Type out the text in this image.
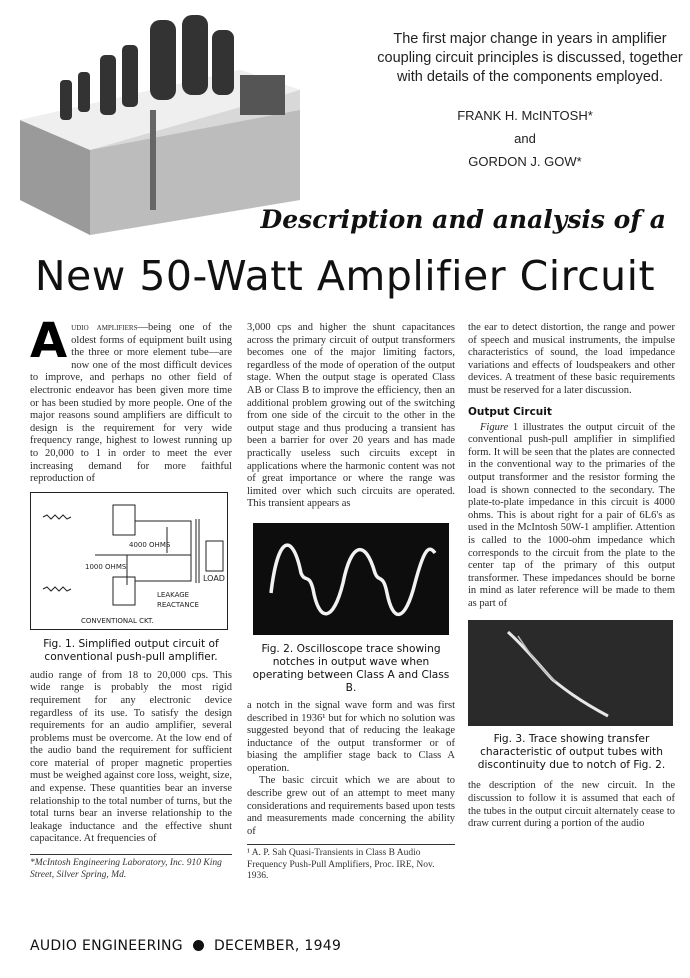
The first major change in years in amplifier coupling circuit principles is discussed, together with details of the components employed.
FRANK H. McINTOSH*
and
GORDON J. GOW*
Description and analysis of a
New 50-Watt Amplifier Circuit

Audio amplifiers—being one of the oldest forms of equipment built using the three or more element tube—are now one of the most difficult devices to improve, and perhaps no other field of electronic endeavor has been given more time or has been studied by more people. One of the major reasons sound amplifiers are difficult to design is the requirement for very wide frequency range, highest to lowest running up to 20,000 to 1 in order to meet the ever increasing demand for more faithful reproduction of

4000 OHMS
1000 OHMS
LOAD
LEAKAGE
REACTANCE
CONVENTIONAL CKT.
Fig. 1. Simplified output circuit of conventional push-pull amplifier.

audio range of from 18 to 20,000 cps. This wide range is probably the most rigid requirement for any electronic device regardless of its use. To satisfy the design requirements for an audio amplifier, several problems must be overcome. At the low end of the audio band the requirement for sufficient core material of proper magnetic properties must be weighed against core loss, weight, size, and expense. These quantities bear an inverse relationship to the total number of turns, but the total turns bear an inverse relationship to the leakage inductance and the effective shunt capacitance. At frequencies of

*McIntosh Engineering Laboratory, Inc. 910 King Street, Silver Spring, Md.

3,000 cps and higher the shunt capacitances across the primary circuit of output transformers becomes one of the major limiting factors, regardless of the mode of operation of the output stage. When the output stage is operated Class AB or Class B to improve the efficiency, then an additional problem growing out of the switching from one side of the circuit to the other in the output stage and thus producing a transient has been a barrier for over 20 years and has made practically useless such circuits except in applications where the harmonic content was not of great importance or where the range was limited over which such circuits are operated. This transient appears as

Fig. 2. Oscilloscope trace showing notches in output wave when operating between Class A and Class B.

a notch in the signal wave form and was first described in 1936¹ but for which no solution was suggested beyond that of reducing the leakage inductance of the output transformer or of biasing the amplifier stage back to Class A operation.

The basic circuit which we are about to describe grew out of an attempt to meet many considerations and requirements based upon tests and measurements made concerning the ability of

¹ A. P. Sah Quasi-Transients in Class B Audio Frequency Push-Pull Amplifiers, Proc. IRE, Nov. 1936.

the ear to detect distortion, the range and power of speech and musical instruments, the impulse characteristics of sound, the load impedance variations and effects of loudspeakers and other devices. A treatment of these basic requirements must be reserved for a later discussion.

Output Circuit

Figure 1 illustrates the output circuit of the conventional push-pull amplifier in simplified form. It will be seen that the plates are connected in the conventional way to the primaries of the output transformer and the resistor forming the load is shown connected to the secondary. The plate-to-plate impedance in this circuit is 4000 ohms. This is about right for a pair of 6L6's as used in the McIntosh 50W-1 amplifier. Attention is called to the 1000-ohm impedance which corresponds to the circuit from the plate to the center tap of the primary of this output transformer. These impedances should be borne in mind as later reference will be made to them as part of

Fig. 3. Trace showing transfer characteristic of output tubes with discontinuity due to notch of Fig. 2.

the description of the new circuit. In the discussion to follow it is assumed that each of the tubes in the output circuit alternately cease to draw current during a portion of the audio

AUDIO ENGINEERING DECEMBER, 1949
